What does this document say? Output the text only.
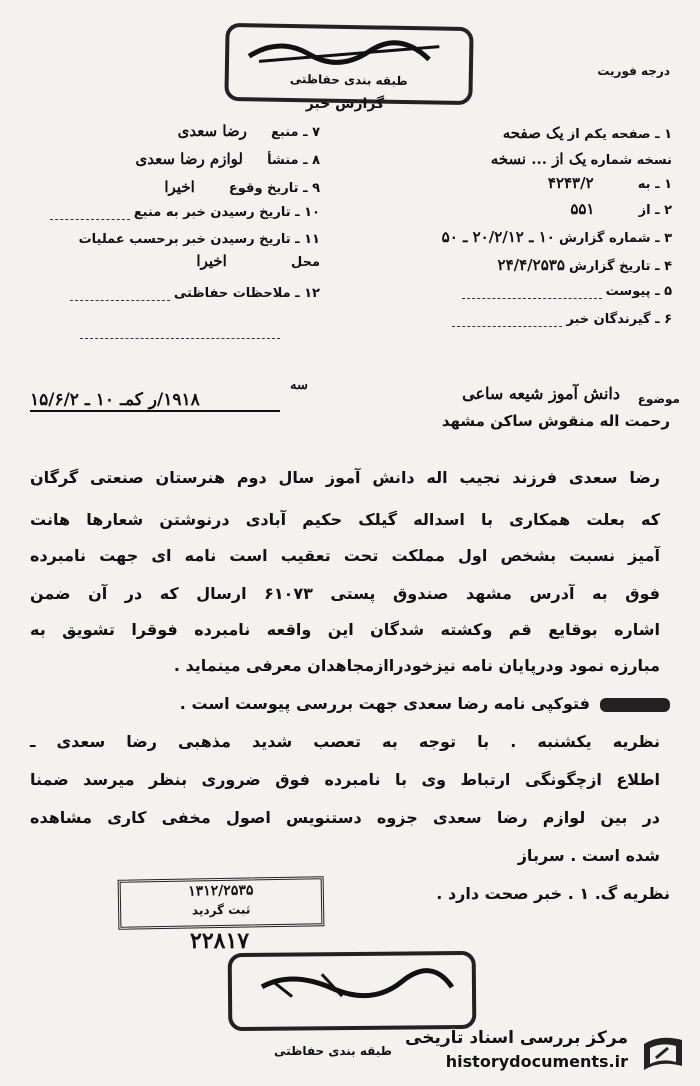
طبقه بندی حفاظتی
درجه فوریت
گزارش خبر
۱ ـ صفحه یکم از یک صفحه
نسخه شماره یک از ... نسخه
۱ ـ به ۴۲۴۳/۲
۲ ـ از ۵۵۱
۳ ـ شماره گزارش ۱۰ ـ ۲۰/۲/۱۲ ـ ۵۰
۴ ـ تاریخ گزارش ۲۴/۴/۲۵۳۵
۵ ـ پیوست
۶ ـ گیرندگان خبر
۷ ـ منبع رضا سعدی
۸ ـ منشأ لوازم رضا سعدی
۹ ـ تاریخ وقوع اخیرا
۱۰ ـ تاریخ رسیدن خبر به منبع
۱۱ ـ تاریخ رسیدن خبر برحسب عملیات
محل اخیرا
۱۲ ـ ملاحظات حفاظتی
موضوع
دانش آموز شیعه ساعی
رحمت اله منقوش ساکن مشهد
سه
۱۹۱۸/ر کمـ ۱۰ ـ ۱۵/۶/۲
رضا سعدی فرزند نجیب اله دانش آموز سال دوم هنرستان صنعتی گرگان
که بعلت همکاری با اسداله گیلک حکیم آبادی درنوشتن شعارها هانت
آمیز نسبت بشخص اول مملکت تحت تعقیب است نامه ای جهت نامبرده
فوق به آدرس مشهد صندوق پستی ۶۱۰۷۳ ارسال که در آن ضمن
اشاره بوقایع قم وکشته شدگان این واقعه نامبرده فوقرا تشویق به
مبارزه نمود ودرپایان نامه نیزخودراازمجاهدان معرفی مینماید .
فتوکپی نامه رضا سعدی جهت بررسی پیوست است .
نظریه یکشنبه . با توجه به تعصب شدید مذهبی رضا سعدی ـ
اطلاع ازچگونگی ارتباط وی با نامبرده فوق ضروری بنظر میرسد ضمنا
در بین لوازم رضا سعدی جزوه دستنویس اصول مخفی کاری مشاهده
شده است . سرباز
نظریه گ. ۱ . خبر صحت دارد .
۱۳۱۲/۲۵۳۵
ثبت گردید
۲۲۸۱۷
طبقه بندی حفاظتی
مرکز بررسی اسناد تاریخی
historydocuments.ir
